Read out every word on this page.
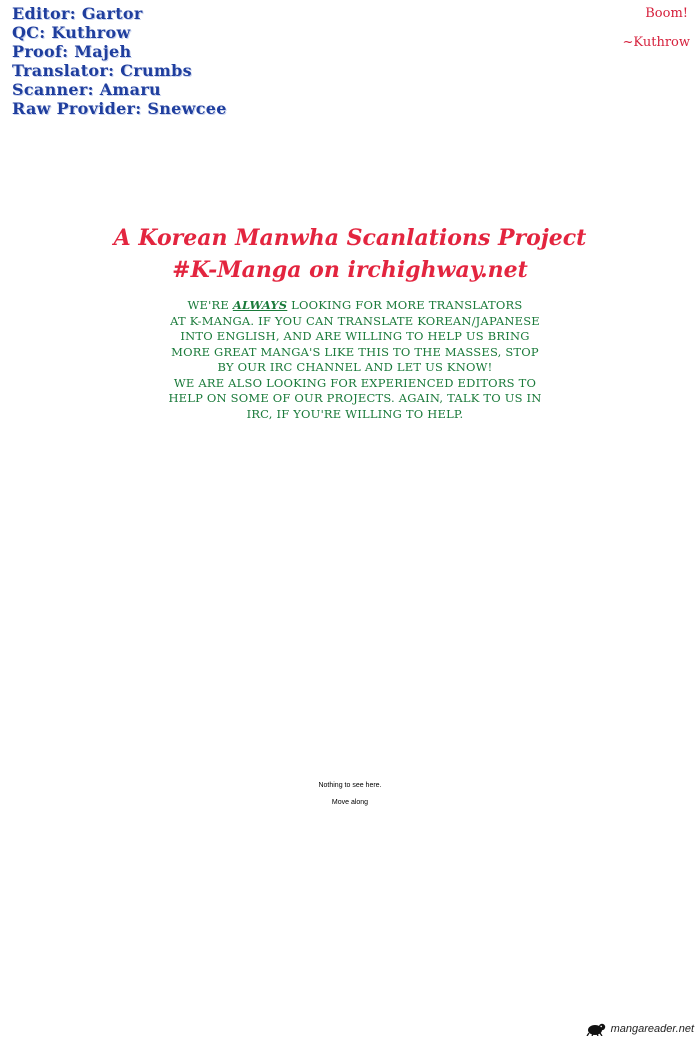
Editor: Gartor
QC: Kuthrow
Proof: Majeh
Translator: Crumbs
Scanner: Amaru
Raw Provider: Snewcee
Boom!
~Kuthrow
A Korean Manwha Scanlations Project
#K-Manga on irchighway.net
WE'RE ALWAYS LOOKING FOR MORE TRANSLATORS
AT K-MANGA. IF YOU CAN TRANSLATE KOREAN/JAPANESE
INTO ENGLISH, AND ARE WILLING TO HELP US BRING
MORE GREAT MANGA'S LIKE THIS TO THE MASSES, STOP
BY OUR IRC CHANNEL AND LET US KNOW!
WE ARE ALSO LOOKING FOR EXPERIENCED EDITORS TO
HELP ON SOME OF OUR PROJECTS. AGAIN, TALK TO US IN
IRC, IF YOU'RE WILLING TO HELP.
Nothing to see here.
Move along
mangareader.net
